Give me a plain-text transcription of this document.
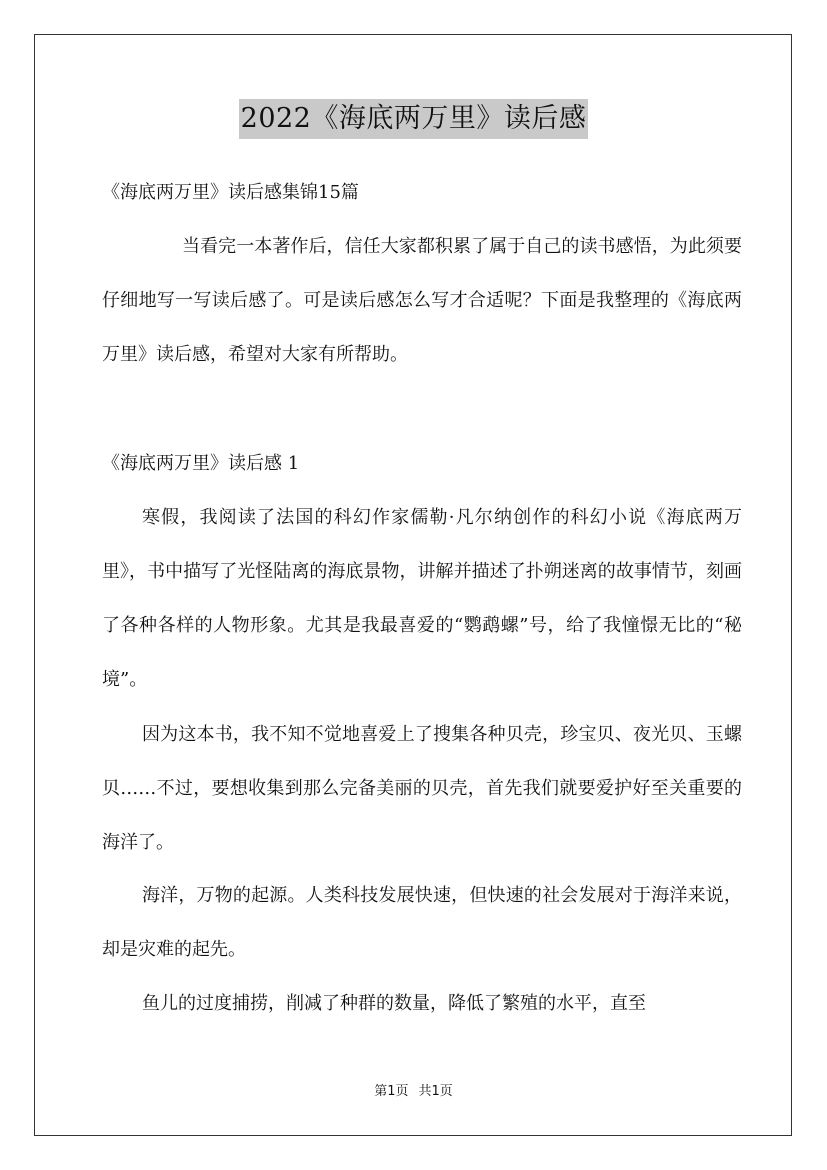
2022《海底两万里》读后感

《海底两万里》读后感集锦15篇

当看完一本著作后，信任大家都积累了属于自己的读书感悟，为此须要仔细地写一写读后感了。可是读后感怎么写才合适呢？下面是我整理的《海底两万里》读后感，希望对大家有所帮助。

《海底两万里》读后感 1

寒假，我阅读了法国的科幻作家儒勒·凡尔纳创作的科幻小说《海底两万里》，书中描写了光怪陆离的海底景物，讲解并描述了扑朔迷离的故事情节，刻画了各种各样的人物形象。尤其是我最喜爱的“鹦鹉螺”号，给了我憧憬无比的“秘境”。

因为这本书，我不知不觉地喜爱上了搜集各种贝壳，珍宝贝、夜光贝、玉螺贝……不过，要想收集到那么完备美丽的贝壳，首先我们就要爱护好至关重要的海洋了。

海洋，万物的起源。人类科技发展快速，但快速的社会发展对于海洋来说，却是灾难的起先。

鱼儿的过度捕捞，削减了种群的数量，降低了繁殖的水平，直至

第1页 共1页
